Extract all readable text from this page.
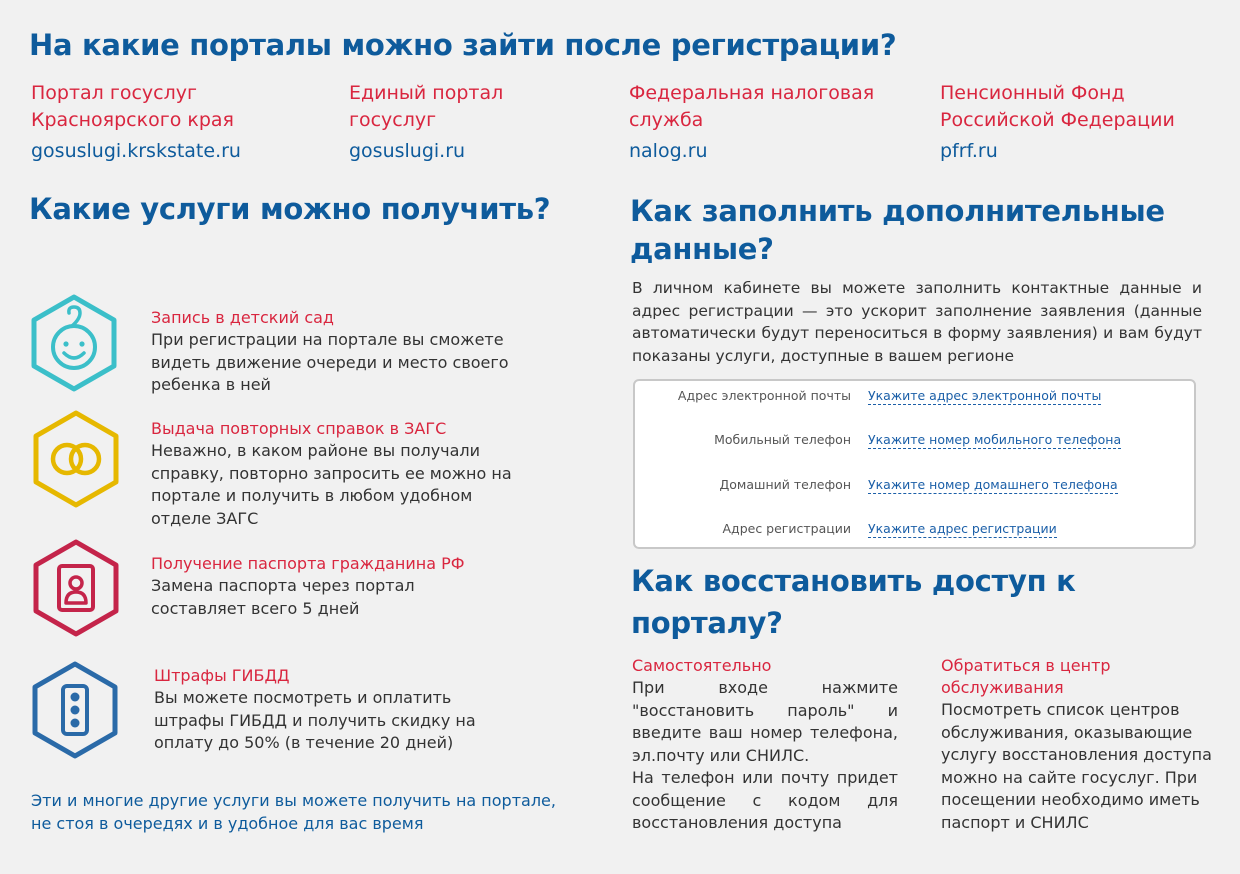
На какие порталы можно зайти после регистрации?
Портал госуслуг
Красноярского края
gosuslugi.krskstate.ru
Единый портал
госуслуг
gosuslugi.ru
Федеральная налоговая
служба
nalog.ru
Пенсионный Фонд
Российской Федерации
pfrf.ru
Какие услуги можно получить?
Запись в детский сад
При регистрации на портале вы сможете
видеть движение очереди и место своего
ребенка в ней
Выдача повторных справок в ЗАГС
Неважно, в каком районе вы получали
справку, повторно запросить ее можно на
портале и получить в любом удобном
отделе ЗАГС
Получение паспорта гражданина РФ
Замена паспорта через портал
составляет всего 5 дней
Штрафы ГИБДД
Вы можете посмотреть и оплатить
штрафы ГИБДД и получить скидку на
оплату до 50% (в течение 20 дней)
Эти и многие другие услуги вы можете получить на портале,
не стоя в очередях и в удобное для вас время
Как заполнить дополнительные
данные?
В личном кабинете вы можете заполнить контактные данные и адрес регистрации — это ускорит заполнение заявления (данные автоматически будут переноситься в форму заявления) и вам будут показаны услуги, доступные в вашем регионе
Адрес электронной почты Укажите адрес электронной почты
Мобильный телефон Укажите номер мобильного телефона
Домашний телефон Укажите номер домашнего телефона
Адрес регистрации Укажите адрес регистрации
Как восстановить доступ к
порталу?
Самостоятельно
При входе нажмите "восстановить пароль" и введите ваш номер телефона, эл.почту или СНИЛС.
На телефон или почту придет сообщение с кодом для восстановления доступа
Обратиться в центр
обслуживания
Посмотреть список центров
обслуживания, оказывающие
услугу восстановления доступа
можно на сайте госуслуг. При
посещении необходимо иметь
паспорт и СНИЛС
